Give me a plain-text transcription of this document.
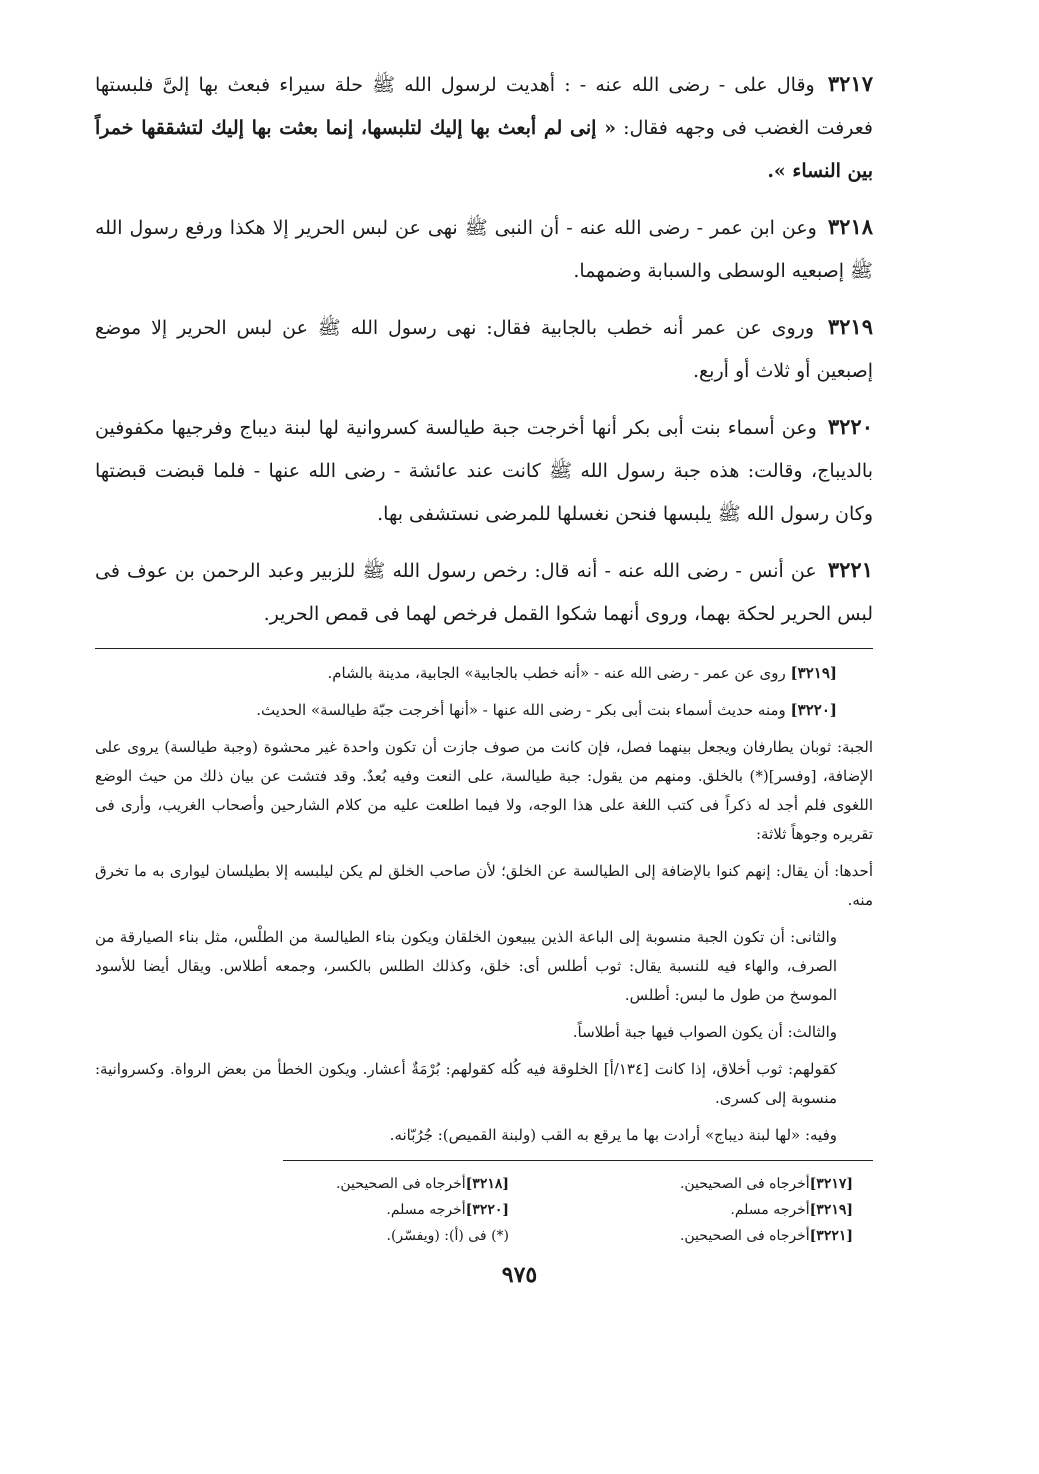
٣٢١٧ وقال على - رضى الله عنه - : أهديت لرسول الله ﷺ حلة سيراء فبعث بها إلىَّ فلبستها فعرفت الغضب فى وجهه فقال: « إنى لم أبعث بها إليك لتلبسها، إنما بعثت بها إليك لتشققها خمراً بين النساء ».

٣٢١٨ وعن ابن عمر - رضى الله عنه - أن النبى ﷺ نهى عن لبس الحرير إلا هكذا ورفع رسول الله ﷺ إصبعيه الوسطى والسبابة وضمهما.

٣٢١٩ وروى عن عمر أنه خطب بالجابية فقال: نهى رسول الله ﷺ عن لبس الحرير إلا موضع إصبعين أو ثلاث أو أربع.

٣٢٢٠ وعن أسماء بنت أبى بكر أنها أخرجت جبة طيالسة كسروانية لها لبنة ديباج وفرجيها مكفوفين بالديباج، وقالت: هذه جبة رسول الله ﷺ كانت عند عائشة - رضى الله عنها - فلما قبضت قبضتها وكان رسول الله ﷺ يلبسها فنحن نغسلها للمرضى نستشفى بها.

٣٢٢١ عن أنس - رضى الله عنه - أنه قال: رخص رسول الله ﷺ للزبير وعبد الرحمن بن عوف فى لبس الحرير لحكة بهما، وروى أنهما شكوا القمل فرخص لهما فى قمص الحرير.

[٣٢١٩] روى عن عمر - رضى الله عنه - «أنه خطب بالجابية» الجابية، مدينة بالشام.

[٣٢٢٠] ومنه حديث أسماء بنت أبى بكر - رضى الله عنها - «أنها أخرجت جبّة طيالسة» الحديث.

الجبة: ثوبان يطارفان ويجعل بينهما فصل، فإن كانت من صوف جازت أن تكون واحدة غير محشوة (وجبة طيالسة) يروى على الإضافة، [وفسر](*) بالخلق. ومنهم من يقول: جبة طيالسة، على النعت وفيه بُعدٌ. وقد فتشت عن بيان ذلك من حيث الوضع اللغوى فلم أجد له ذكراً فى كتب اللغة على هذا الوجه، ولا فيما اطلعت عليه من كلام الشارحين وأصحاب الغريب، وأرى فى تقريره وجوهاً ثلاثة:

أحدها: أن يقال: إنهم كنوا بالإضافة إلى الطيالسة عن الخلق؛ لأن صاحب الخلق لم يكن ليلبسه إلا بطيلسان ليوارى به ما تخرق منه.

والثانى: أن تكون الجبة منسوبة إلى الباعة الذين يبيعون الخلقان ويكون بناء الطيالسة من الطلْس، مثل بناء الصيارقة من الصرف، والهاء فيه للنسبة يقال: ثوب أطلس أى: خلق، وكذلك الطلس بالكسر، وجمعه أطلاس. ويقال أيضا للأسود الموسخ من طول ما لبس: أطلس.

والثالث: أن يكون الصواب فيها جبة أطلاساً.

كقولهم: ثوب أخلاق، إذا كانت [١٣٤/أ] الخلوقة فيه كُله كقولهم: بُرْمَةٌ أعشار. ويكون الخطأ من بعض الرواة. وكسروانية: منسوبة إلى كسرى.

وفيه: «لها لبنة ديباج» أرادت بها ما يرقع به القب (ولبنة القميص): جُرُبّانه.

[٣٢١٧]أخرجاه فى الصحيحين.
[٣٢١٨]أخرجاه فى الصحيحين.
[٣٢١٩]أخرجه مسلم.
[٣٢٢٠]أخرجه مسلم.
[٣٢٢١]أخرجاه فى الصحيحين.
(*) فى (أ): (ويفسّر).
٩٧٥
